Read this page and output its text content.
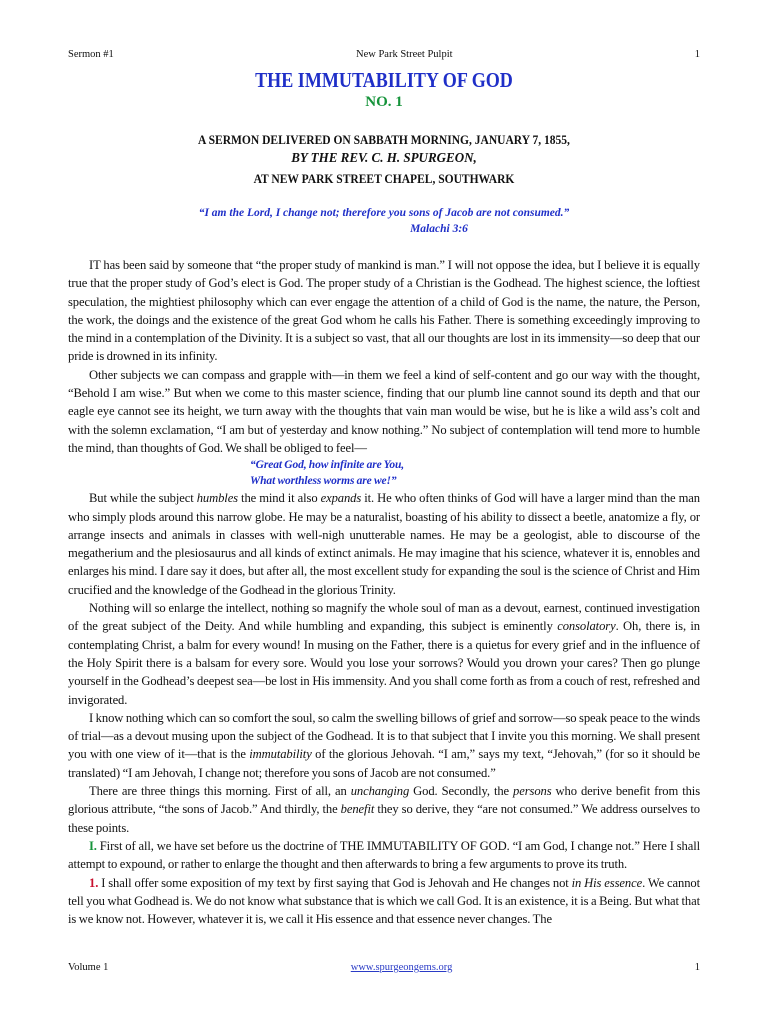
Sermon #1	New Park Street Pulpit	1
THE IMMUTABILITY OF GOD
NO. 1
A SERMON DELIVERED ON SABBATH MORNING, JANUARY 7, 1855,
BY THE REV. C. H. SPURGEON,
AT NEW PARK STREET CHAPEL, SOUTHWARK
“I am the Lord, I change not; therefore you sons of Jacob are not consumed.”
Malachi 3:6

IT has been said by someone that “the proper study of mankind is man.” I will not oppose the idea, but I believe it is equally true that the proper study of God’s elect is God. The proper study of a Christian is the Godhead. The highest science, the loftiest speculation, the mightiest philosophy which can ever engage the attention of a child of God is the name, the nature, the Person, the work, the doings and the existence of the great God whom he calls his Father. There is something exceedingly improving to the mind in a contemplation of the Divinity. It is a subject so vast, that all our thoughts are lost in its immensity—so deep that our pride is drowned in its infinity.

Other subjects we can compass and grapple with—in them we feel a kind of self-content and go our way with the thought, “Behold I am wise.” But when we come to this master science, finding that our plumb line cannot sound its depth and that our eagle eye cannot see its height, we turn away with the thoughts that vain man would be wise, but he is like a wild ass’s colt and with the solemn exclamation, “I am but of yesterday and know nothing.” No subject of contemplation will tend more to humble the mind, than thoughts of God. We shall be obliged to feel—

“Great God, how infinite are You,
What worthless worms are we!”

But while the subject humbles the mind it also expands it. He who often thinks of God will have a larger mind than the man who simply plods around this narrow globe. He may be a naturalist, boasting of his ability to dissect a beetle, anatomize a fly, or arrange insects and animals in classes with well-nigh unutterable names. He may be a geologist, able to discourse of the megatherium and the plesiosaurus and all kinds of extinct animals. He may imagine that his science, whatever it is, ennobles and enlarges his mind. I dare say it does, but after all, the most excellent study for expanding the soul is the science of Christ and Him crucified and the knowledge of the Godhead in the glorious Trinity.

Nothing will so enlarge the intellect, nothing so magnify the whole soul of man as a devout, earnest, continued investigation of the great subject of the Deity. And while humbling and expanding, this subject is eminently consolatory. Oh, there is, in contemplating Christ, a balm for every wound! In musing on the Father, there is a quietus for every grief and in the influence of the Holy Spirit there is a balsam for every sore. Would you lose your sorrows? Would you drown your cares? Then go plunge yourself in the Godhead’s deepest sea—be lost in His immensity. And you shall come forth as from a couch of rest, refreshed and invigorated.

I know nothing which can so comfort the soul, so calm the swelling billows of grief and sorrow—so speak peace to the winds of trial—as a devout musing upon the subject of the Godhead. It is to that subject that I invite you this morning. We shall present you with one view of it—that is the immutability of the glorious Jehovah. “I am,” says my text, “Jehovah,” (for so it should be translated) “I am Jehovah, I change not; therefore you sons of Jacob are not consumed.”

There are three things this morning. First of all, an unchanging God. Secondly, the persons who derive benefit from this glorious attribute, “the sons of Jacob.” And thirdly, the benefit they so derive, they “are not consumed.” We address ourselves to these points.

I. First of all, we have set before us the doctrine of THE IMMUTABILITY OF GOD. “I am God, I change not.” Here I shall attempt to expound, or rather to enlarge the thought and then afterwards to bring a few arguments to prove its truth.

1. I shall offer some exposition of my text by first saying that God is Jehovah and He changes not in His essence. We cannot tell you what Godhead is. We do not know what substance that is which we call God. It is an existence, it is a Being. But what that is we know not. However, whatever it is, we call it His essence and that essence never changes. The

Volume 1	www.spurgeongems.org	1
